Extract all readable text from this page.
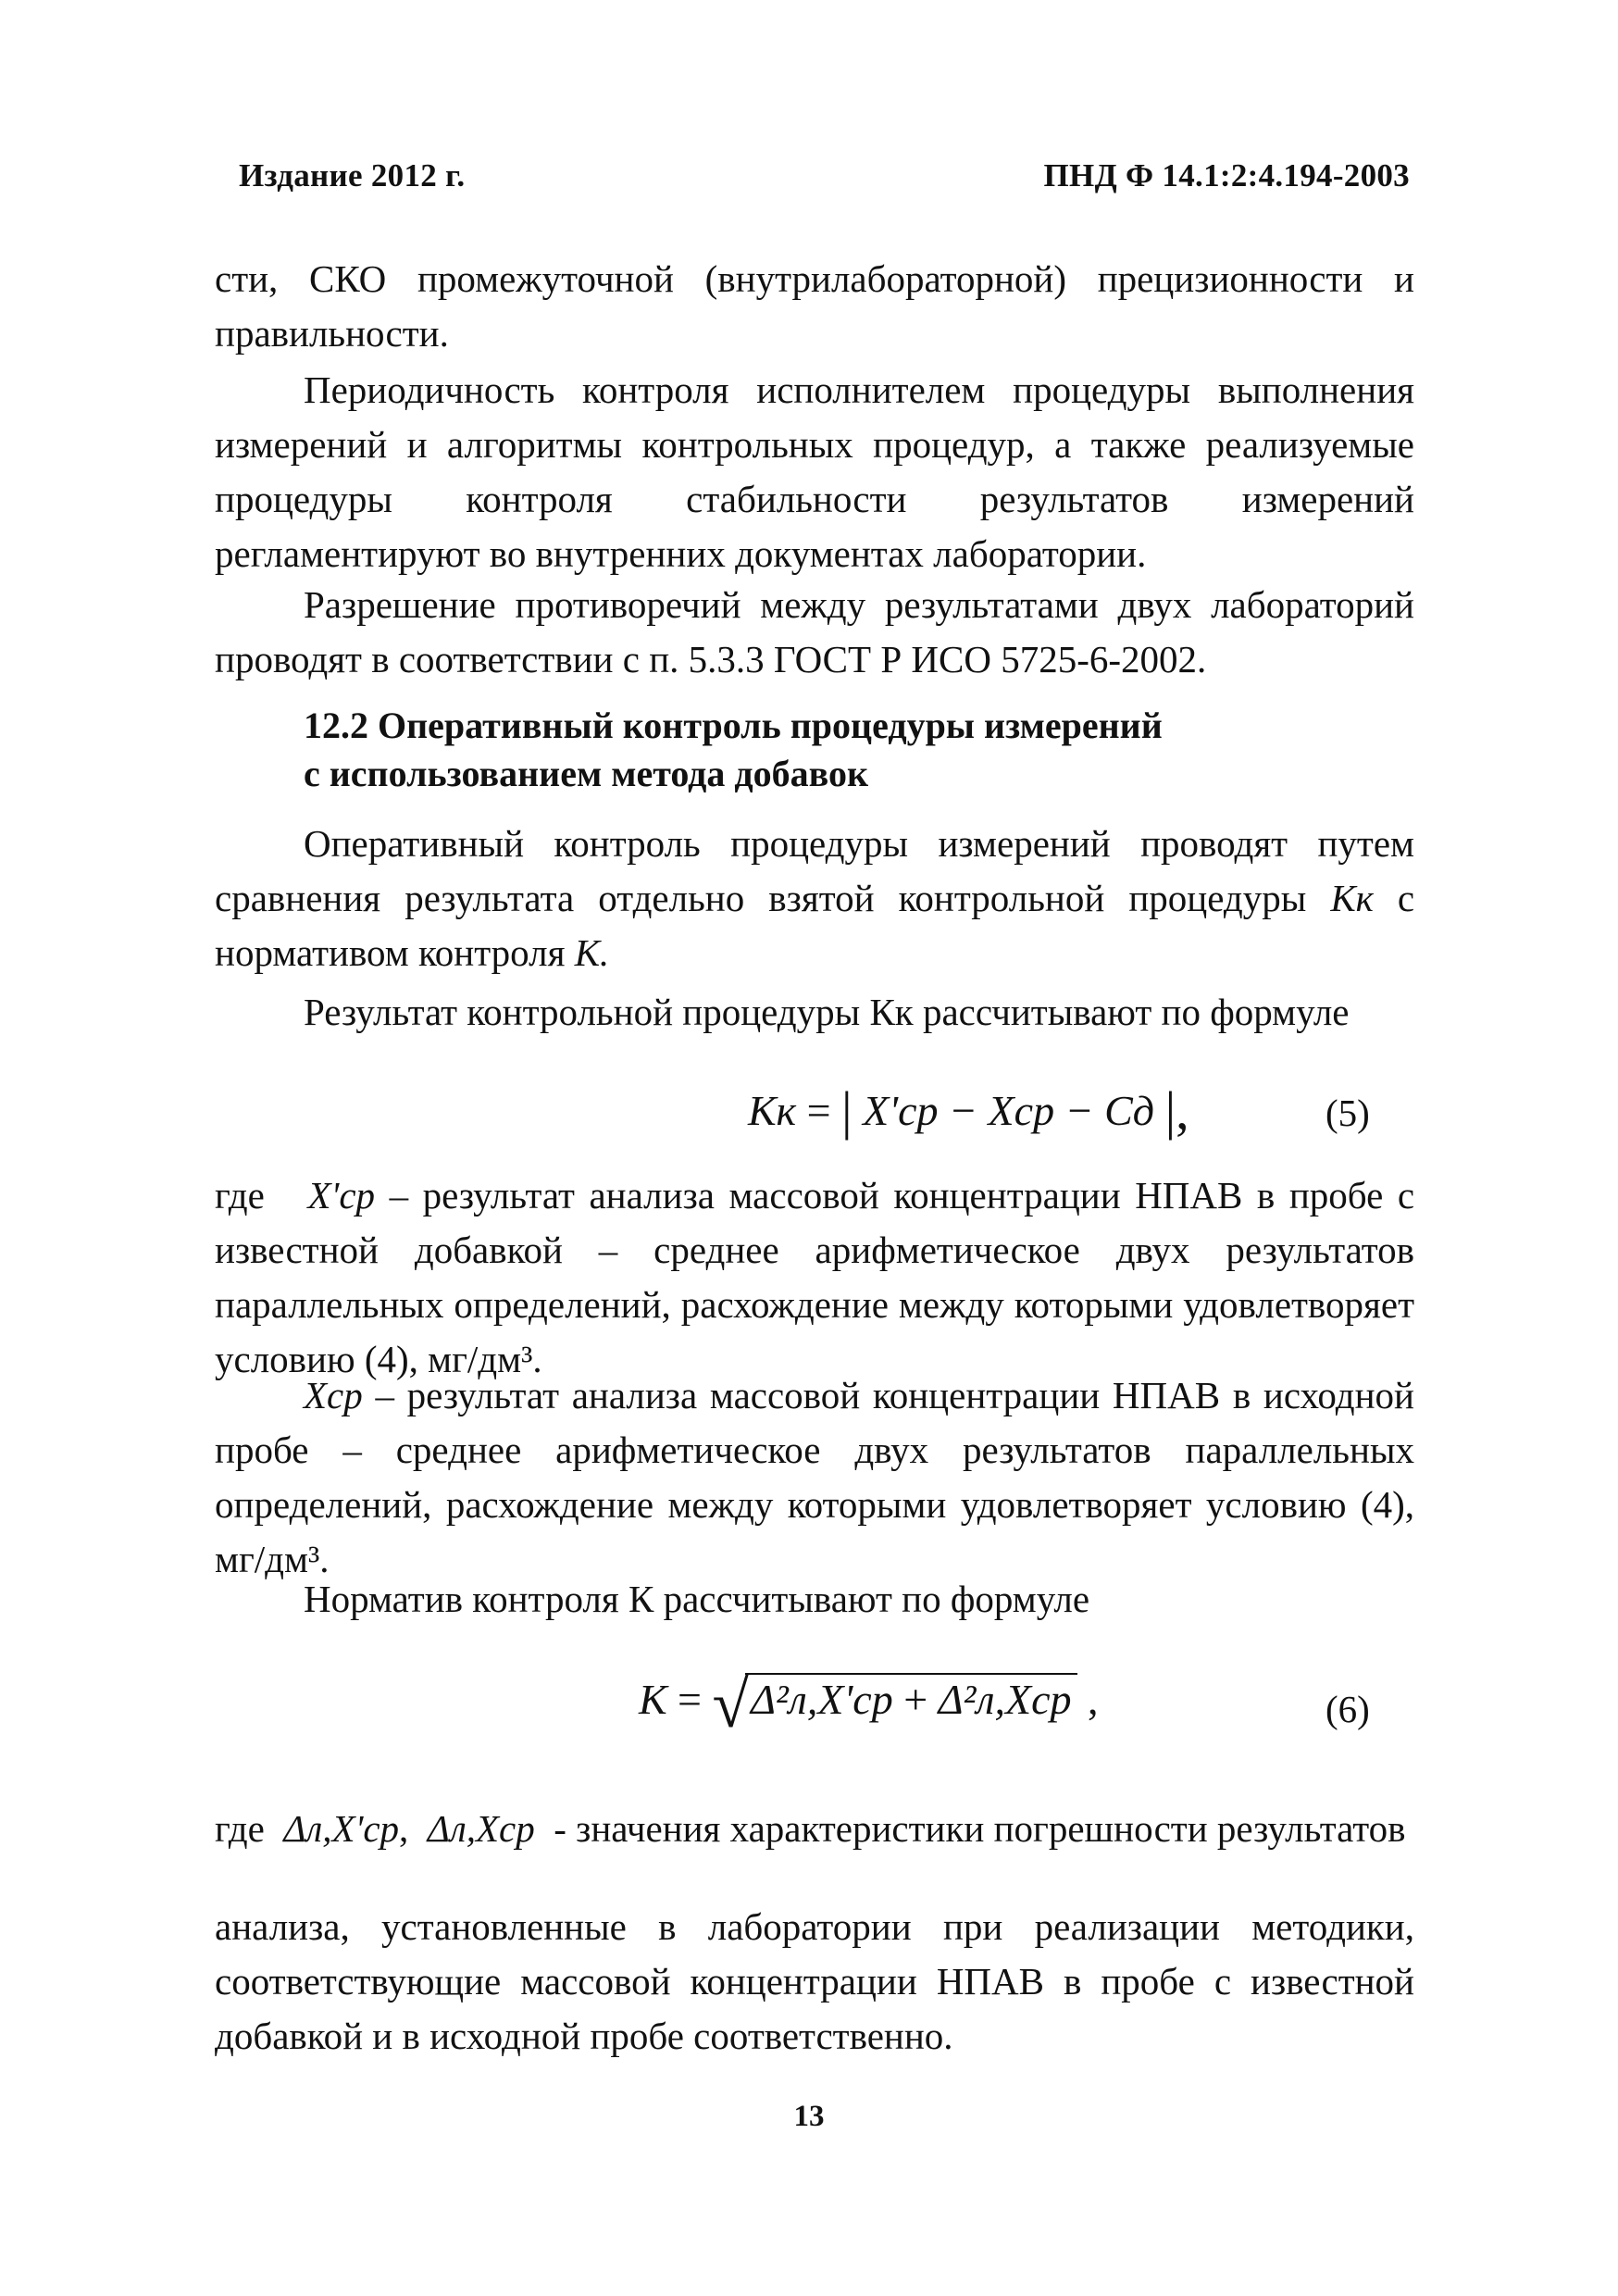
Издание 2012 г.	ПНД Ф 14.1:2:4.194-2003

сти, СКО промежуточной (внутрилабораторной) прецизионности и правильности.

Периодичность контроля исполнителем процедуры выполнения измерений и алгоритмы контрольных процедур, а также реализуемые процедуры контроля стабильности результатов измерений регламентируют во внутренних документах лаборатории.

Разрешение противоречий между результатами двух лабораторий проводят в соответствии с п. 5.3.3 ГОСТ Р ИСО 5725-6-2002.

12.2 Оперативный контроль процедуры измерений
с использованием метода добавок

Оперативный контроль процедуры измерений проводят путем сравнения результата отдельно взятой контрольной процедуры Кк с нормативом контроля К.

Результат контрольной процедуры Кк рассчитывают по формуле

Кк = | X'ср − Xср − Сд |,	(5)

где X'ср – результат анализа массовой концентрации НПАВ в пробе с известной добавкой – среднее арифметическое двух результатов параллельных определений, расхождение между которыми удовлетворяет условию (4), мг/дм³.

Xср – результат анализа массовой концентрации НПАВ в исходной пробе – среднее арифметическое двух результатов параллельных определений, расхождение между которыми удовлетворяет условию (4), мг/дм³.

Норматив контроля К рассчитывают по формуле

К = √Δ²л,X'ср + Δ²л,Xср ,	(6)

где Δл,X'ср, Δл,Xср - значения характеристики погрешности результатов

анализа, установленные в лаборатории при реализации методики, соответствующие массовой концентрации НПАВ в пробе с известной добавкой и в исходной пробе соответственно.

13
